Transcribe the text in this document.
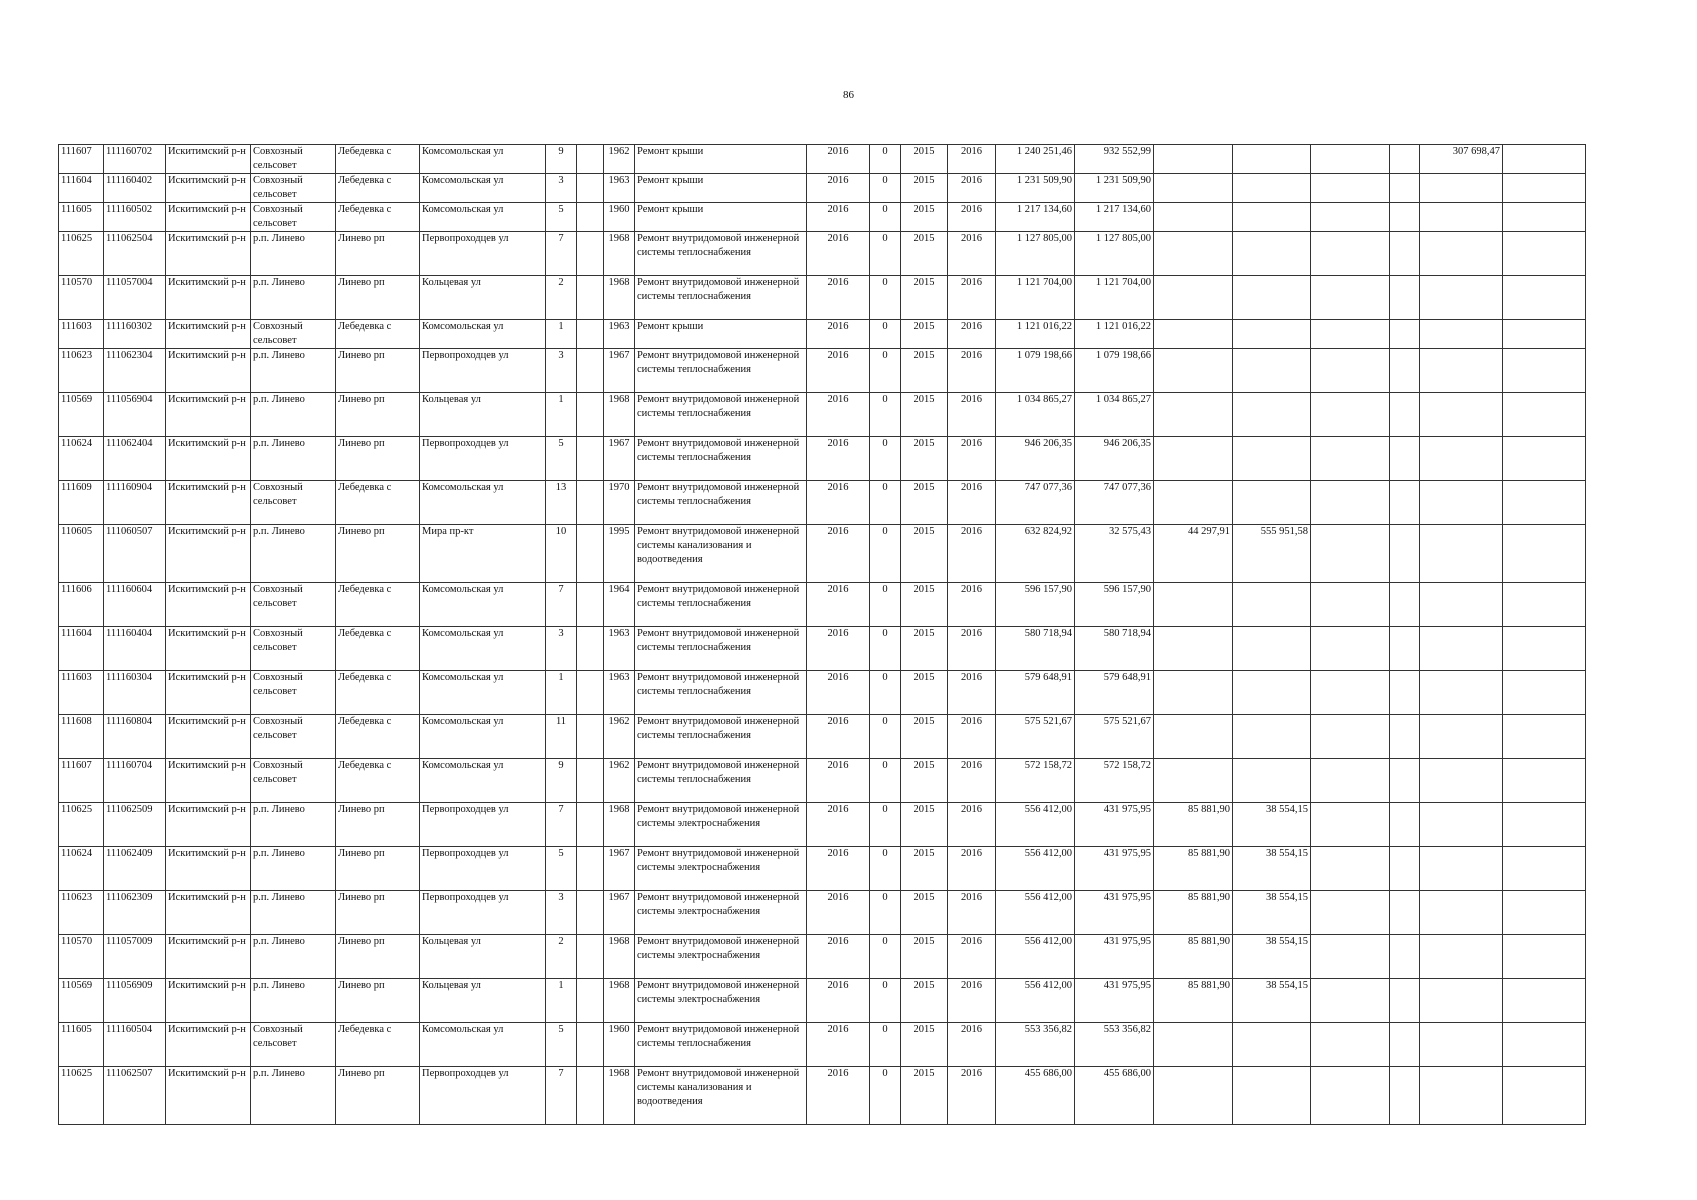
86
111607	111160702	Искитимский р-н	Совхозный сельсовет	Лебедевка с	Комсомольская ул	9		1962	Ремонт крыши	2016	0	2015	2016	1 240 251,46	932 552,99					307 698,47	
111604	111160402	Искитимский р-н	Совхозный сельсовет	Лебедевка с	Комсомольская ул	3		1963	Ремонт крыши	2016	0	2015	2016	1 231 509,90	1 231 509,90						
111605	111160502	Искитимский р-н	Совхозный сельсовет	Лебедевка с	Комсомольская ул	5		1960	Ремонт крыши	2016	0	2015	2016	1 217 134,60	1 217 134,60						
110625	111062504	Искитимский р-н	р.п. Линево	Линево рп	Первопроходцев ул	7		1968	Ремонт внутридомовой инженерной системы теплоснабжения	2016	0	2015	2016	1 127 805,00	1 127 805,00						
110570	111057004	Искитимский р-н	р.п. Линево	Линево рп	Кольцевая ул	2		1968	Ремонт внутридомовой инженерной системы теплоснабжения	2016	0	2015	2016	1 121 704,00	1 121 704,00						
111603	111160302	Искитимский р-н	Совхозный сельсовет	Лебедевка с	Комсомольская ул	1		1963	Ремонт крыши	2016	0	2015	2016	1 121 016,22	1 121 016,22						
110623	111062304	Искитимский р-н	р.п. Линево	Линево рп	Первопроходцев ул	3		1967	Ремонт внутридомовой инженерной системы теплоснабжения	2016	0	2015	2016	1 079 198,66	1 079 198,66						
110569	111056904	Искитимский р-н	р.п. Линево	Линево рп	Кольцевая ул	1		1968	Ремонт внутридомовой инженерной системы теплоснабжения	2016	0	2015	2016	1 034 865,27	1 034 865,27						
110624	111062404	Искитимский р-н	р.п. Линево	Линево рп	Первопроходцев ул	5		1967	Ремонт внутридомовой инженерной системы теплоснабжения	2016	0	2015	2016	946 206,35	946 206,35						
111609	111160904	Искитимский р-н	Совхозный сельсовет	Лебедевка с	Комсомольская ул	13		1970	Ремонт внутридомовой инженерной системы теплоснабжения	2016	0	2015	2016	747 077,36	747 077,36						
110605	111060507	Искитимский р-н	р.п. Линево	Линево рп	Мира пр-кт	10		1995	Ремонт внутридомовой инженерной системы канализования и водоотведения	2016	0	2015	2016	632 824,92	32 575,43	44 297,91	555 951,58				
111606	111160604	Искитимский р-н	Совхозный сельсовет	Лебедевка с	Комсомольская ул	7		1964	Ремонт внутридомовой инженерной системы теплоснабжения	2016	0	2015	2016	596 157,90	596 157,90						
111604	111160404	Искитимский р-н	Совхозный сельсовет	Лебедевка с	Комсомольская ул	3		1963	Ремонт внутридомовой инженерной системы теплоснабжения	2016	0	2015	2016	580 718,94	580 718,94						
111603	111160304	Искитимский р-н	Совхозный сельсовет	Лебедевка с	Комсомольская ул	1		1963	Ремонт внутридомовой инженерной системы теплоснабжения	2016	0	2015	2016	579 648,91	579 648,91						
111608	111160804	Искитимский р-н	Совхозный сельсовет	Лебедевка с	Комсомольская ул	11		1962	Ремонт внутридомовой инженерной системы теплоснабжения	2016	0	2015	2016	575 521,67	575 521,67						
111607	111160704	Искитимский р-н	Совхозный сельсовет	Лебедевка с	Комсомольская ул	9		1962	Ремонт внутридомовой инженерной системы теплоснабжения	2016	0	2015	2016	572 158,72	572 158,72						
110625	111062509	Искитимский р-н	р.п. Линево	Линево рп	Первопроходцев ул	7		1968	Ремонт внутридомовой инженерной системы электроснабжения	2016	0	2015	2016	556 412,00	431 975,95	85 881,90	38 554,15				
110624	111062409	Искитимский р-н	р.п. Линево	Линево рп	Первопроходцев ул	5		1967	Ремонт внутридомовой инженерной системы электроснабжения	2016	0	2015	2016	556 412,00	431 975,95	85 881,90	38 554,15				
110623	111062309	Искитимский р-н	р.п. Линево	Линево рп	Первопроходцев ул	3		1967	Ремонт внутридомовой инженерной системы электроснабжения	2016	0	2015	2016	556 412,00	431 975,95	85 881,90	38 554,15				
110570	111057009	Искитимский р-н	р.п. Линево	Линево рп	Кольцевая ул	2		1968	Ремонт внутридомовой инженерной системы электроснабжения	2016	0	2015	2016	556 412,00	431 975,95	85 881,90	38 554,15				
110569	111056909	Искитимский р-н	р.п. Линево	Линево рп	Кольцевая ул	1		1968	Ремонт внутридомовой инженерной системы электроснабжения	2016	0	2015	2016	556 412,00	431 975,95	85 881,90	38 554,15				
111605	111160504	Искитимский р-н	Совхозный сельсовет	Лебедевка с	Комсомольская ул	5		1960	Ремонт внутридомовой инженерной системы теплоснабжения	2016	0	2015	2016	553 356,82	553 356,82						
110625	111062507	Искитимский р-н	р.п. Линево	Линево рп	Первопроходцев ул	7		1968	Ремонт внутридомовой инженерной системы канализования и водоотведения	2016	0	2015	2016	455 686,00	455 686,00						
